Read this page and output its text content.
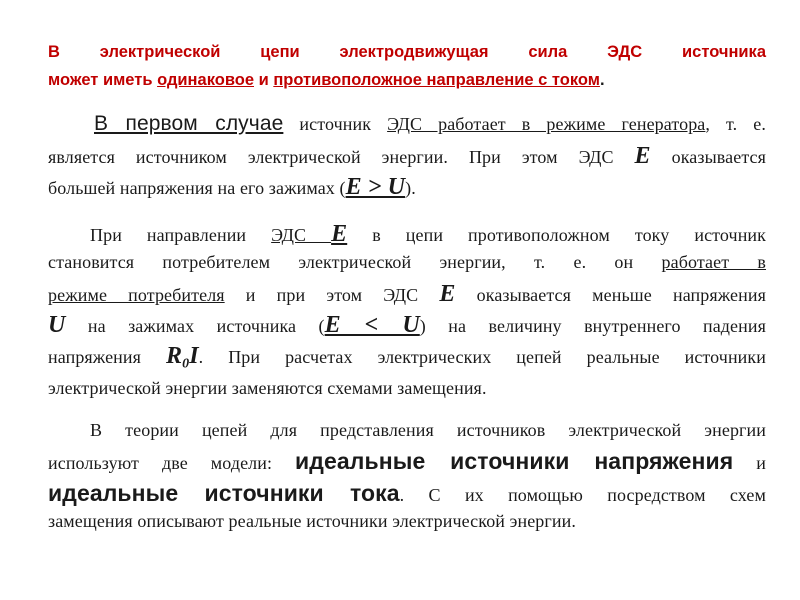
В электрической цепи электродвижущая сила ЭДС источника
может иметь одинаковое и противоположное направление с током.
В первом случае источник ЭДС работает в режиме генератора, т. е.
является источником электрической энергии. При этом ЭДС E оказывается
большей напряжения на его зажимах (E > U).
При направлении ЭДС E в цепи противоположном току источник
становится потребителем электрической энергии, т. е. он работает в
режиме потребителя и при этом ЭДС E оказывается меньше напряжения
U на зажимах источника (E < U) на величину внутреннего падения
напряжения $R_0I$. При расчетах электрических цепей реальные источники
электрической энергии заменяются схемами замещения.
В теории цепей для представления источников электрической энергии
используют две модели: идеальные источники напряжения и
идеальные источники тока. С их помощью посредством схем
замещения описывают реальные источники электрической энергии.
